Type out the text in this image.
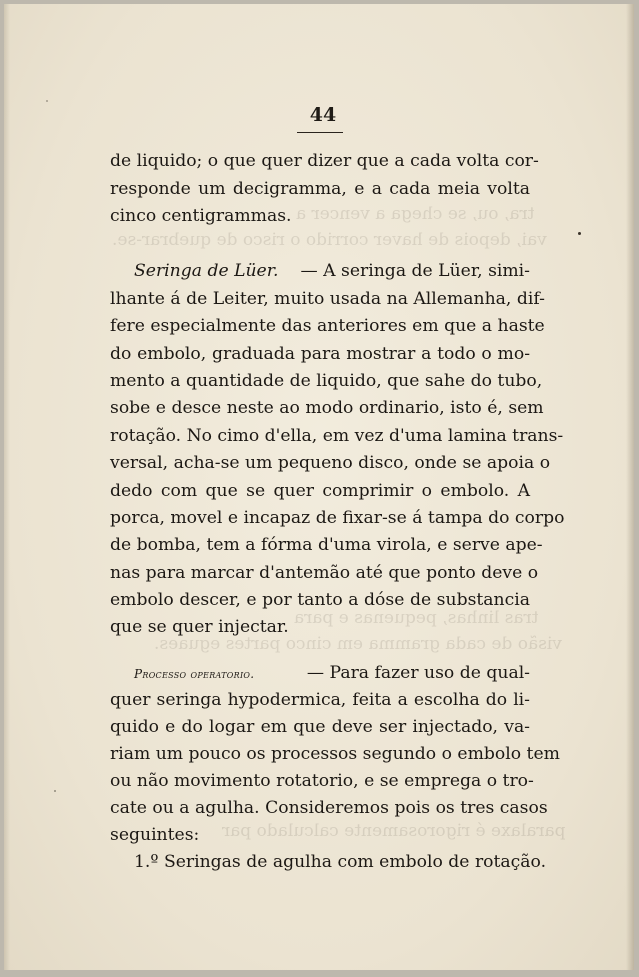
tra, ou, se chega a vencer a
vai, depois de haver corrido o risco de quebrar-se.
tras linhas, pequenas e para
visão de cada gramma em cinco partes eguaes.
paralaxe é rigorosamente calculado par
44
de liquido; o que quer dizer que a cada volta cor-
responde um decigramma, e a cada meia volta
cinco centigrammas.
Seringa de Lüer. — A seringa de Lüer, simi-
lhante á de Leiter, muito usada na Allemanha, dif-
fere especialmente das anteriores em que a haste
do embolo, graduada para mostrar a todo o mo-
mento a quantidade de liquido, que sahe do tubo,
sobe e desce neste ao modo ordinario, isto é, sem
rotação. No cimo d'ella, em vez d'uma lamina trans-
versal, acha-se um pequeno disco, onde se apoia o
dedo com que se quer comprimir o embolo. A
porca, movel e incapaz de fixar-se á tampa do corpo
de bomba, tem a fórma d'uma virola, e serve ape-
nas para marcar d'antemão até que ponto deve o
embolo descer, e por tanto a dóse de substancia
que se quer injectar.
Processo operatorio.	— Para fazer uso de qual-
quer seringa hypodermica, feita a escolha do li-
quido e do logar em que deve ser injectado, va-
riam um pouco os processos segundo o embolo tem
ou não movimento rotatorio, e se emprega o tro-
cate ou a agulha. Consideremos pois os tres casos
seguintes:
1.º Seringas de agulha com embolo de rotação.
